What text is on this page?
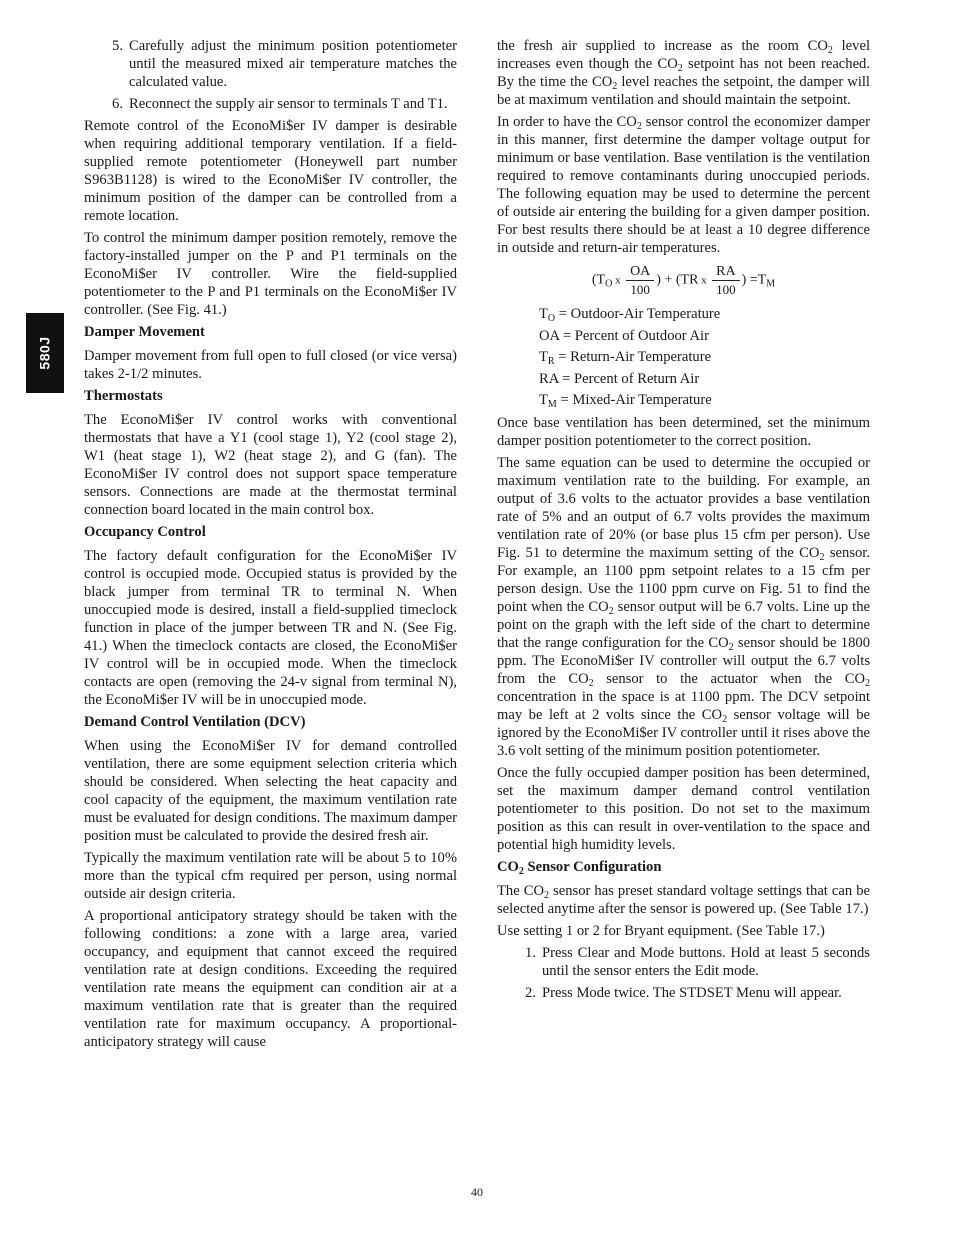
580J
5. Carefully adjust the minimum position potentiometer until the measured mixed air temperature matches the calculated value.
6. Reconnect the supply air sensor to terminals T and T1.

Remote control of the EconoMi$er IV damper is desirable when requiring additional temporary ventilation. If a field-supplied remote potentiometer (Honeywell part number S963B1128) is wired to the EconoMi$er IV controller, the minimum position of the damper can be controlled from a remote location.

To control the minimum damper position remotely, remove the factory-installed jumper on the P and P1 terminals on the EconoMi$er IV controller. Wire the field-supplied potentiometer to the P and P1 terminals on the EconoMi$er IV controller. (See Fig. 41.)

Damper Movement

Damper movement from full open to full closed (or vice versa) takes 2-1/2 minutes.

Thermostats

The EconoMi$er IV control works with conventional thermostats that have a Y1 (cool stage 1), Y2 (cool stage 2), W1 (heat stage 1), W2 (heat stage 2), and G (fan). The EconoMi$er IV control does not support space temperature sensors. Connections are made at the thermostat terminal connection board located in the main control box.

Occupancy Control

The factory default configuration for the EconoMi$er IV control is occupied mode. Occupied status is provided by the black jumper from terminal TR to terminal N. When unoccupied mode is desired, install a field-supplied timeclock function in place of the jumper between TR and N. (See Fig. 41.) When the timeclock contacts are closed, the EconoMi$er IV control will be in occupied mode. When the timeclock contacts are open (removing the 24-v signal from terminal N), the EconoMi$er IV will be in unoccupied mode.

Demand Control Ventilation (DCV)

When using the EconoMi$er IV for demand controlled ventilation, there are some equipment selection criteria which should be considered. When selecting the heat capacity and cool capacity of the equipment, the maximum ventilation rate must be evaluated for design conditions. The maximum damper position must be calculated to provide the desired fresh air.

Typically the maximum ventilation rate will be about 5 to 10% more than the typical cfm required per person, using normal outside air design criteria.

A proportional anticipatory strategy should be taken with the following conditions: a zone with a large area, varied occupancy, and equipment that cannot exceed the required ventilation rate at design conditions. Exceeding the required ventilation rate means the equipment can condition air at a maximum ventilation rate that is greater than the required ventilation rate for maximum occupancy. A proportional-anticipatory strategy will cause

the fresh air supplied to increase as the room $CO_2$ level increases even though the $CO_2$ setpoint has not been reached. By the time the $CO_2$ level reaches the setpoint, the damper will be at maximum ventilation and should maintain the setpoint.

In order to have the $CO_2$ sensor control the economizer damper in this manner, first determine the damper voltage output for minimum or base ventilation. Base ventilation is the ventilation required to remove contaminants during unoccupied periods. The following equation may be used to determine the percent of outside air entering the building for a given damper position. For best results there should be at least a 10 degree difference in outside and return-air temperatures.

($T_O$ x $\frac{OA}{100}$ ) + (TR x $\frac{RA}{100}$ ) $=T_M$
$T_O$ = Outdoor-Air Temperature
OA = Percent of Outdoor Air
$T_R$ = Return-Air Temperature
RA = Percent of Return Air
$T_M$ = Mixed-Air Temperature

Once base ventilation has been determined, set the minimum damper position potentiometer to the correct position.

The same equation can be used to determine the occupied or maximum ventilation rate to the building. For example, an output of 3.6 volts to the actuator provides a base ventilation rate of 5% and an output of 6.7 volts provides the maximum ventilation rate of 20% (or base plus 15 cfm per person). Use Fig. 51 to determine the maximum setting of the $CO_2$ sensor. For example, an 1100 ppm setpoint relates to a 15 cfm per person design. Use the 1100 ppm curve on Fig. 51 to find the point when the $CO_2$ sensor output will be 6.7 volts. Line up the point on the graph with the left side of the chart to determine that the range configuration for the $CO_2$ sensor should be 1800 ppm. The EconoMi$er IV controller will output the 6.7 volts from the $CO_2$ sensor to the actuator when the $CO_2$ concentration in the space is at 1100 ppm. The DCV setpoint may be left at 2 volts since the $CO_2$ sensor voltage will be ignored by the EconoMi$er IV controller until it rises above the 3.6 volt setting of the minimum position potentiometer.

Once the fully occupied damper position has been determined, set the maximum damper demand control ventilation potentiometer to this position. Do not set to the maximum position as this can result in over-ventilation to the space and potential high humidity levels.

$CO_2$ Sensor Configuration

The $CO_2$ sensor has preset standard voltage settings that can be selected anytime after the sensor is powered up. (See Table 17.)

Use setting 1 or 2 for Bryant equipment. (See Table 17.)

1. Press Clear and Mode buttons. Hold at least 5 seconds until the sensor enters the Edit mode.
2. Press Mode twice. The STDSET Menu will appear.
40
